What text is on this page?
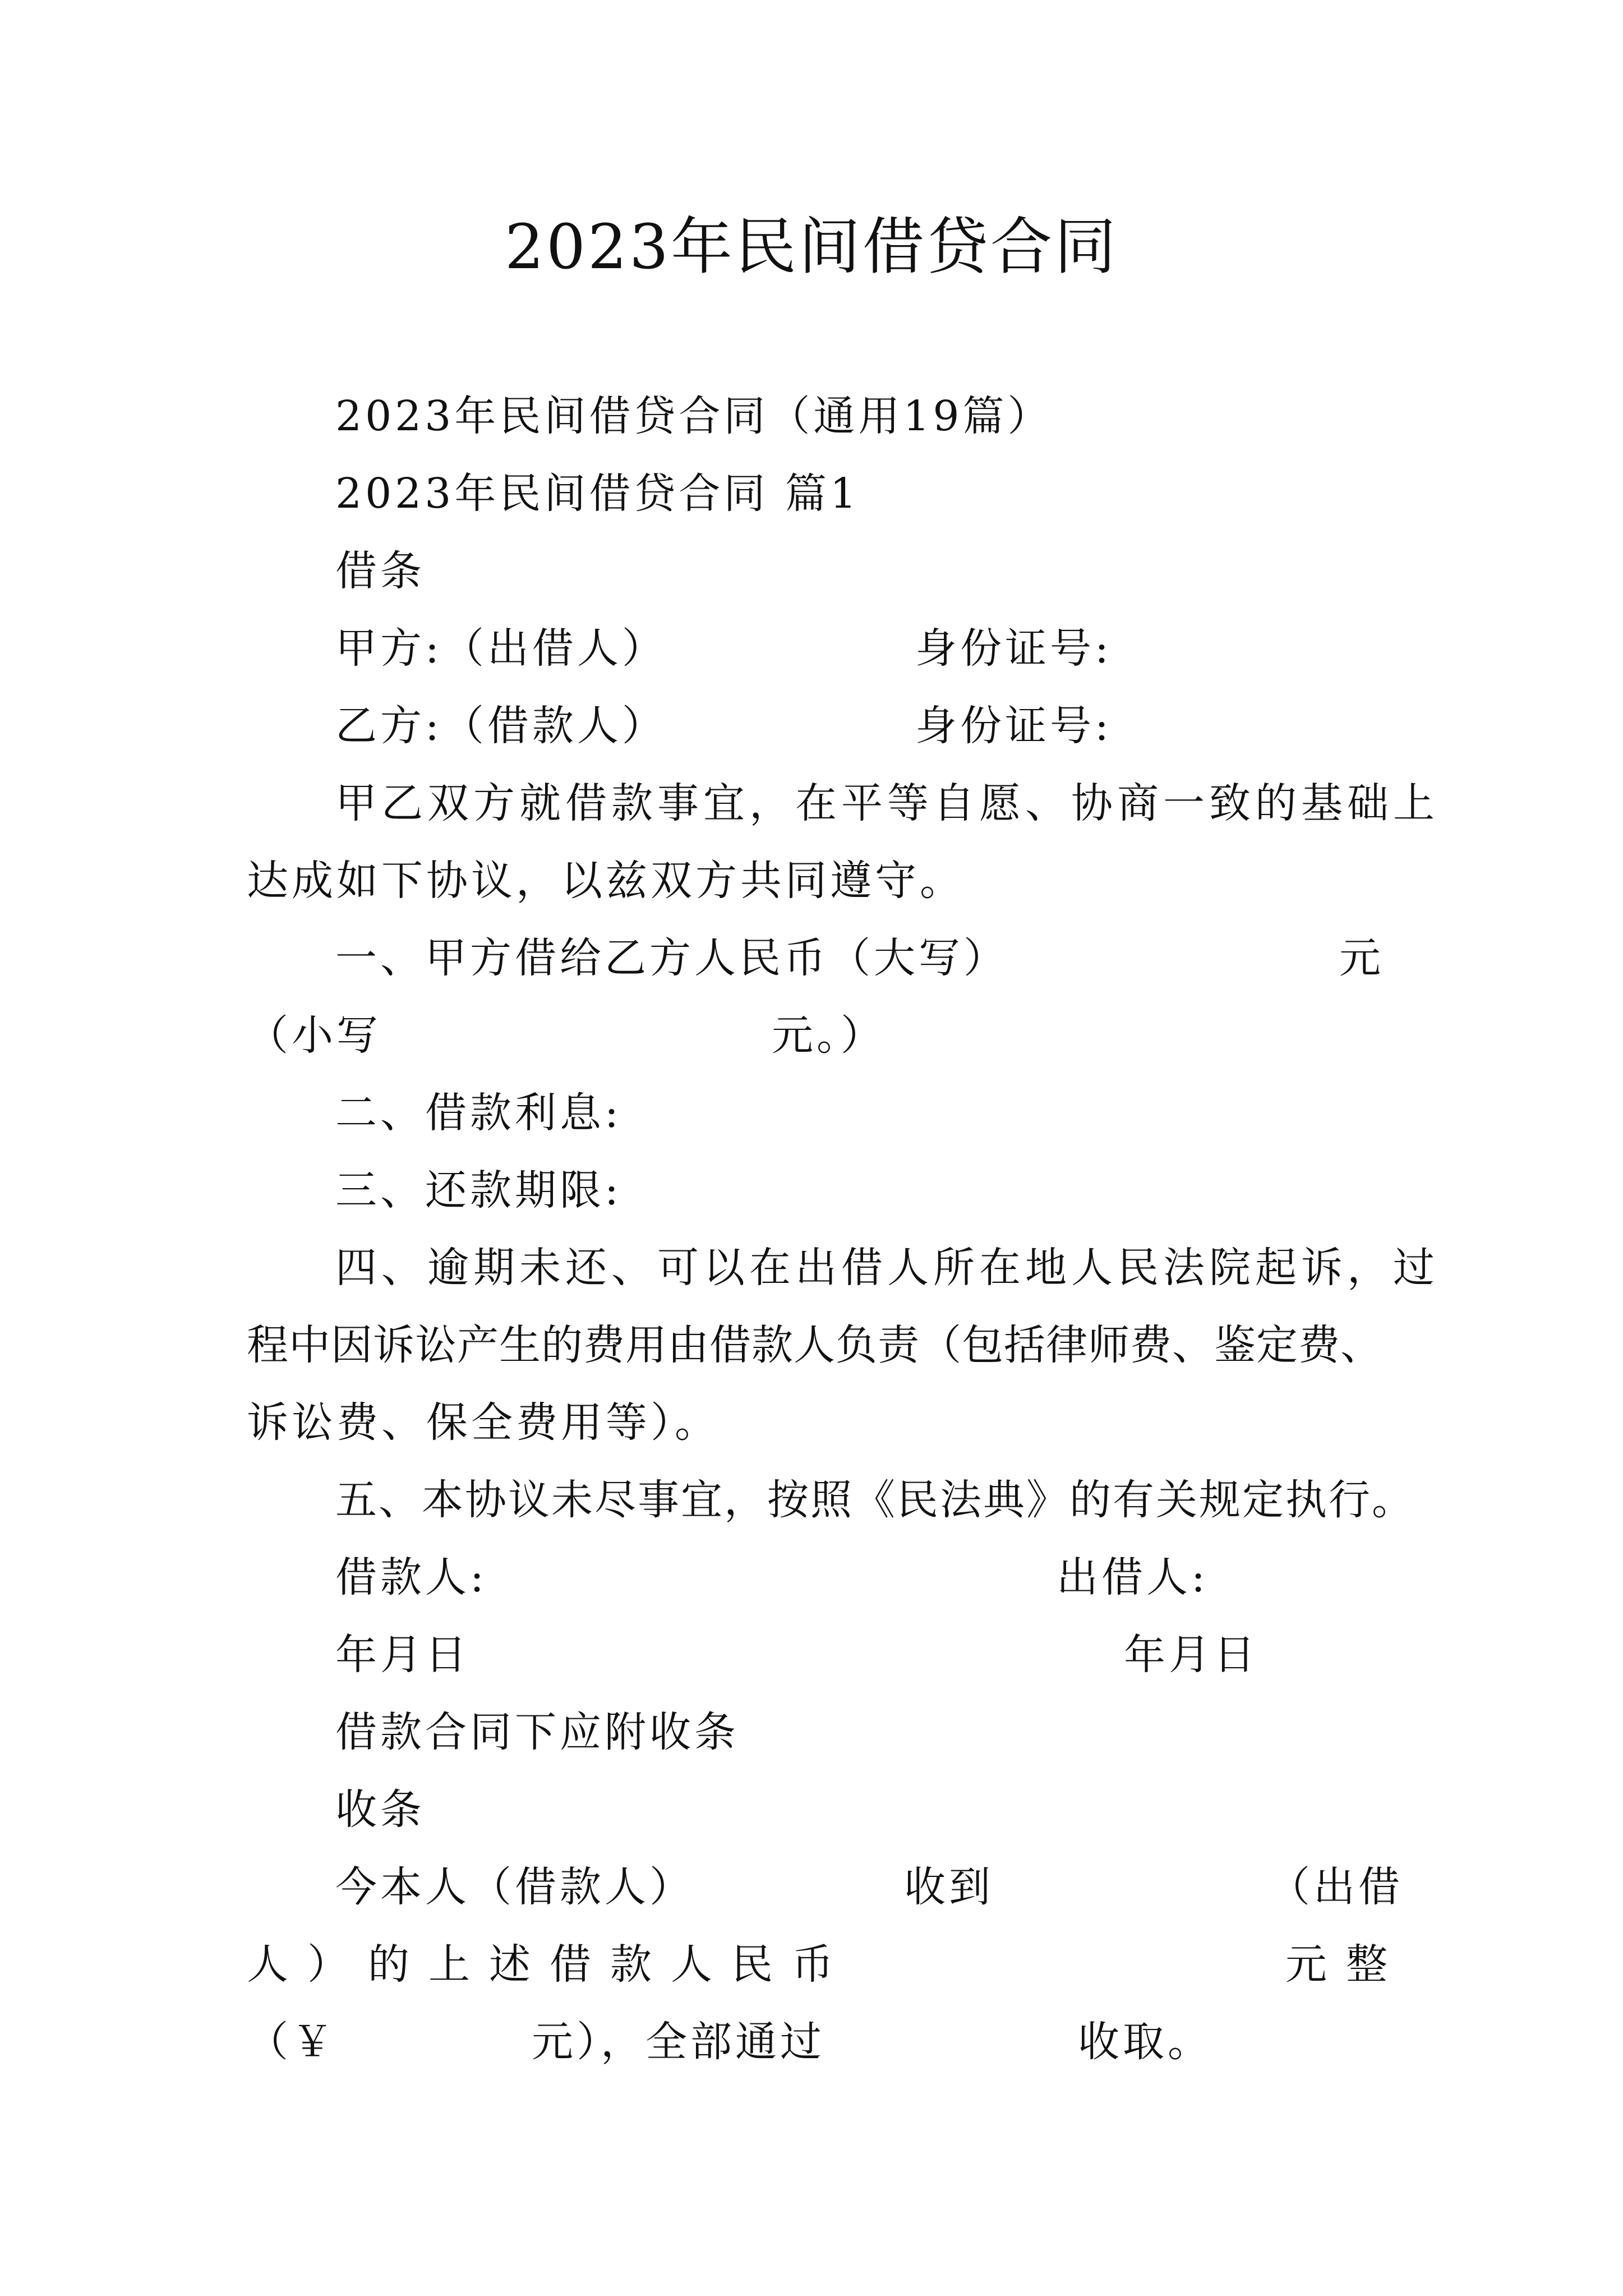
2023年民间借贷合同
2023年民间借贷合同（通用19篇）
2023年民间借贷合同 篇1
借条
甲方:（出借人）	身份证号:
乙方:（借款人）	身份证号:
甲乙双方就借款事宜，在平等自愿、协商一致的基础上
达成如下协议，以兹双方共同遵守。
一、甲方借给乙方人民币（大写）	元
（小写	元。）
二、借款利息:
三、还款期限:
四、逾期未还、可以在出借人所在地人民法院起诉，过
程中因诉讼产生的费用由借款人负责（包括律师费、鉴定费、
诉讼费、保全费用等）。
五、本协议未尽事宜，按照《民法典》的有关规定执行。
借款人:	出借人:
年月日	年月日
借款合同下应附收条
收条
今本人（借款人）	收到	（出借
人）的上述借款人民币	元整
（￥	元），全部通过	收取。
